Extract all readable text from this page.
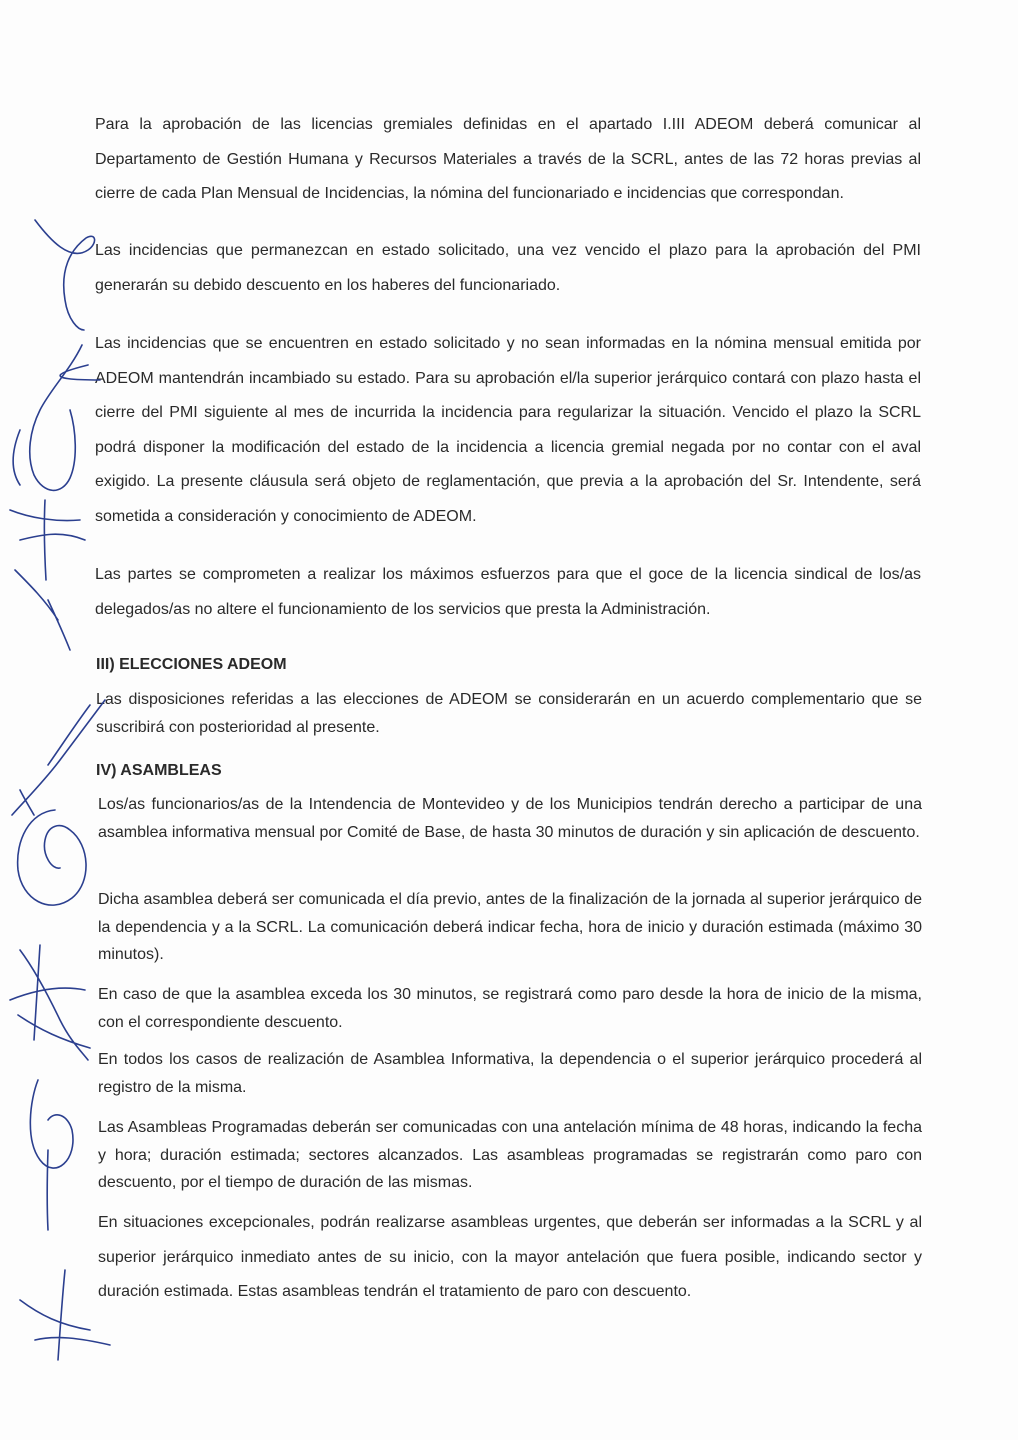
Para la aprobación de las licencias gremiales definidas en el apartado I.III ADEOM deberá comunicar al Departamento de Gestión Humana y Recursos Materiales a través de la SCRL, antes de las 72 horas previas al cierre de cada Plan Mensual de Incidencias, la nómina del funcionariado e incidencias que correspondan.

Las incidencias que permanezcan en estado solicitado, una vez vencido el plazo para la aprobación del PMI generarán su debido descuento en los haberes del funcionariado.

Las incidencias que se encuentren en estado solicitado y no sean informadas en la nómina mensual emitida por ADEOM mantendrán incambiado su estado. Para su aprobación el/la superior jerárquico contará con plazo hasta el cierre del PMI siguiente al mes de incurrida la incidencia para regularizar la situación. Vencido el plazo la SCRL podrá disponer la modificación del estado de la incidencia a licencia gremial negada por no contar con el aval exigido. La presente cláusula será objeto de reglamentación, que previa a la aprobación del Sr. Intendente, será sometida a consideración y conocimiento de ADEOM.

Las partes se comprometen a realizar los máximos esfuerzos para que el goce de la licencia sindical de los/as delegados/as no altere el funcionamiento de los servicios que presta la Administración.

III) ELECCIONES ADEOM

Las disposiciones referidas a las elecciones de ADEOM se considerarán en un acuerdo complementario que se suscribirá con posterioridad al presente.

IV) ASAMBLEAS

Los/as funcionarios/as de la Intendencia de Montevideo y de los Municipios tendrán derecho a participar de una asamblea informativa mensual por Comité de Base, de hasta 30 minutos de duración y sin aplicación de descuento.

Dicha asamblea deberá ser comunicada el día previo, antes de la finalización de la jornada al superior jerárquico de la dependencia y a la SCRL. La comunicación deberá indicar fecha, hora de inicio y duración estimada (máximo 30 minutos).

En caso de que la asamblea exceda los 30 minutos, se registrará como paro desde la hora de inicio de la misma, con el correspondiente descuento.

En todos los casos de realización de Asamblea Informativa, la dependencia o el superior jerárquico procederá al registro de la misma.

Las Asambleas Programadas deberán ser comunicadas con una antelación mínima de 48 horas, indicando la fecha y hora; duración estimada; sectores alcanzados. Las asambleas programadas se registrarán como paro con descuento, por el tiempo de duración de las mismas.

En situaciones excepcionales, podrán realizarse asambleas urgentes, que deberán ser informadas a la SCRL y al superior jerárquico inmediato antes de su inicio, con la mayor antelación que fuera posible, indicando sector y duración estimada. Estas asambleas tendrán el tratamiento de paro con descuento.
